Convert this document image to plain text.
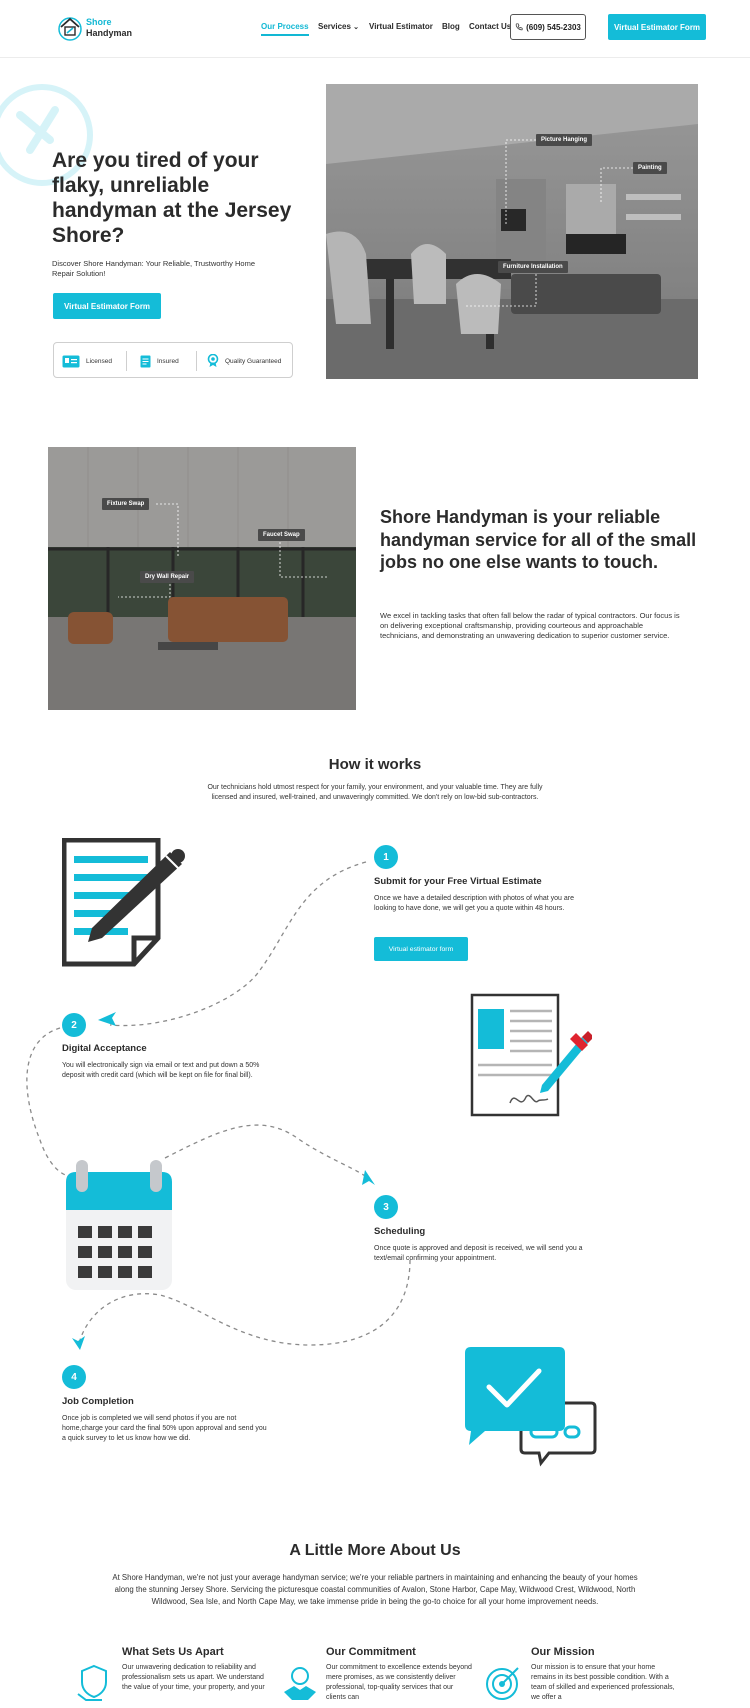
Shore
Handyman
Our Process Services ⌄ Virtual Estimator Blog Contact Us (609) 545-2303	Virtual Estimator Form
Are you tired of your flaky, unreliable handyman at the Jersey Shore?

Discover Shore Handyman: Your Reliable, Trustworthy Home Repair Solution!

Virtual Estimator Form
Licensed	Insured	Quality Guaranteed
Picture Hanging
Painting
Furniture Installation
Fixture Swap
Faucet Swap
Dry Wall Repair
Shore Handyman is your reliable handyman service for all of the small jobs no one else wants to touch.

We excel in tackling tasks that often fall below the radar of typical contractors. Our focus is on delivering exceptional craftsmanship, providing courteous and approachable technicians, and demonstrating an unwavering dedication to superior customer service.

How it works

Our technicians hold utmost respect for your family, your environment, and your valuable time. They are fully licensed and insured, well-trained, and unwaveringly committed. We don't rely on low-bid sub-contractors.

1
Submit for your Free Virtual Estimate
Once we have a detailed description with photos of what you are looking to have done, we will get you a quote within 48 hours.
Virtual estimator form
2
Digital Acceptance
You will electronically sign via email or text and put down a 50% deposit with credit card (which will be kept on file for final bill).
3
Scheduling
Once quote is approved and deposit is received, we will send you a text/email confirming your appointment.
4
Job Completion
Once job is completed we will send photos if you are not home,charge your card the final 50% upon approval and send you a quick survey to let us know how we did.
A Little More About Us

At Shore Handyman, we're not just your average handyman service; we're your reliable partners in maintaining and enhancing the beauty of your homes along the stunning Jersey Shore. Servicing the picturesque coastal communities of Avalon, Stone Harbor, Cape May, Wildwood Crest, Wildwood, North Wildwood, Sea Isle, and North Cape May, we take immense pride in being the go-to choice for all your home improvement needs.

What Sets Us Apart
Our unwavering dedication to reliability and professionalism sets us apart. We understand the value of your time, your property, and your
Our Commitment
Our commitment to excellence extends beyond mere promises, as we consistently deliver professional, top-quality services that our clients can
Our Mission
Our mission is to ensure that your home remains in its best possible condition. With a team of skilled and experienced professionals, we offer a
